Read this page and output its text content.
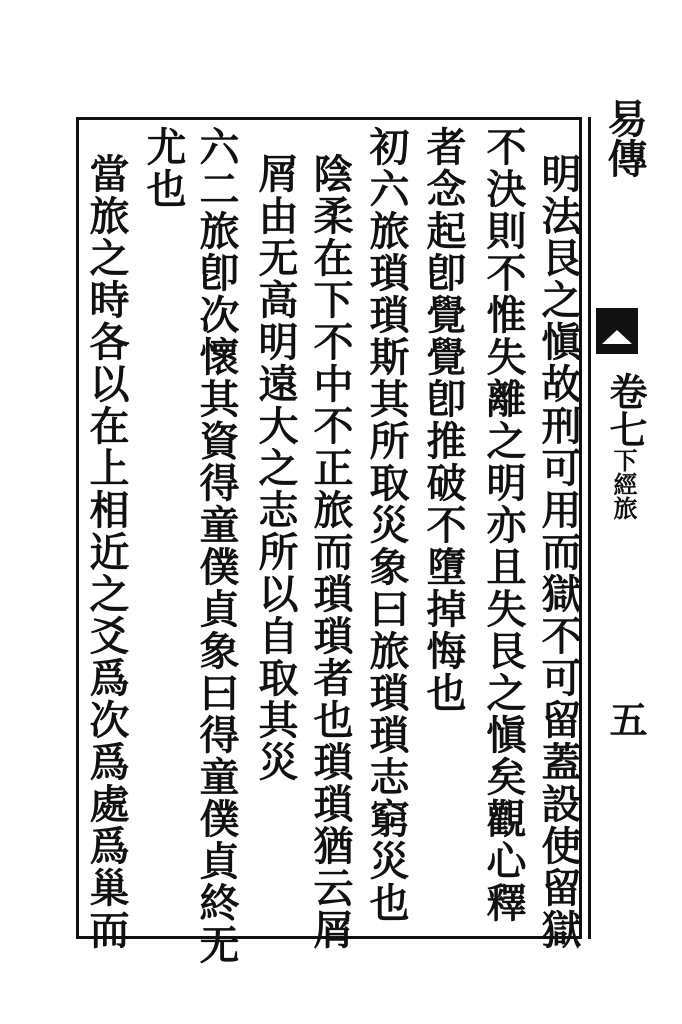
易傳
卷七
下經旅
五
明法艮之愼故刑可用而獄不可留蓋設使留獄
不決則不惟失離之明亦且失艮之愼矣觀心釋
者念起卽覺覺卽推破不墮掉悔也
初六旅瑣瑣斯其所取災象曰旅瑣瑣志窮災也
陰柔在下不中不正旅而瑣瑣者也瑣瑣猶云屑
屑由无高明遠大之志所以自取其災
六二旅卽次懷其資得童僕貞象曰得童僕貞終无
尤也
當旅之時各以在上相近之爻爲次爲處爲巢而
